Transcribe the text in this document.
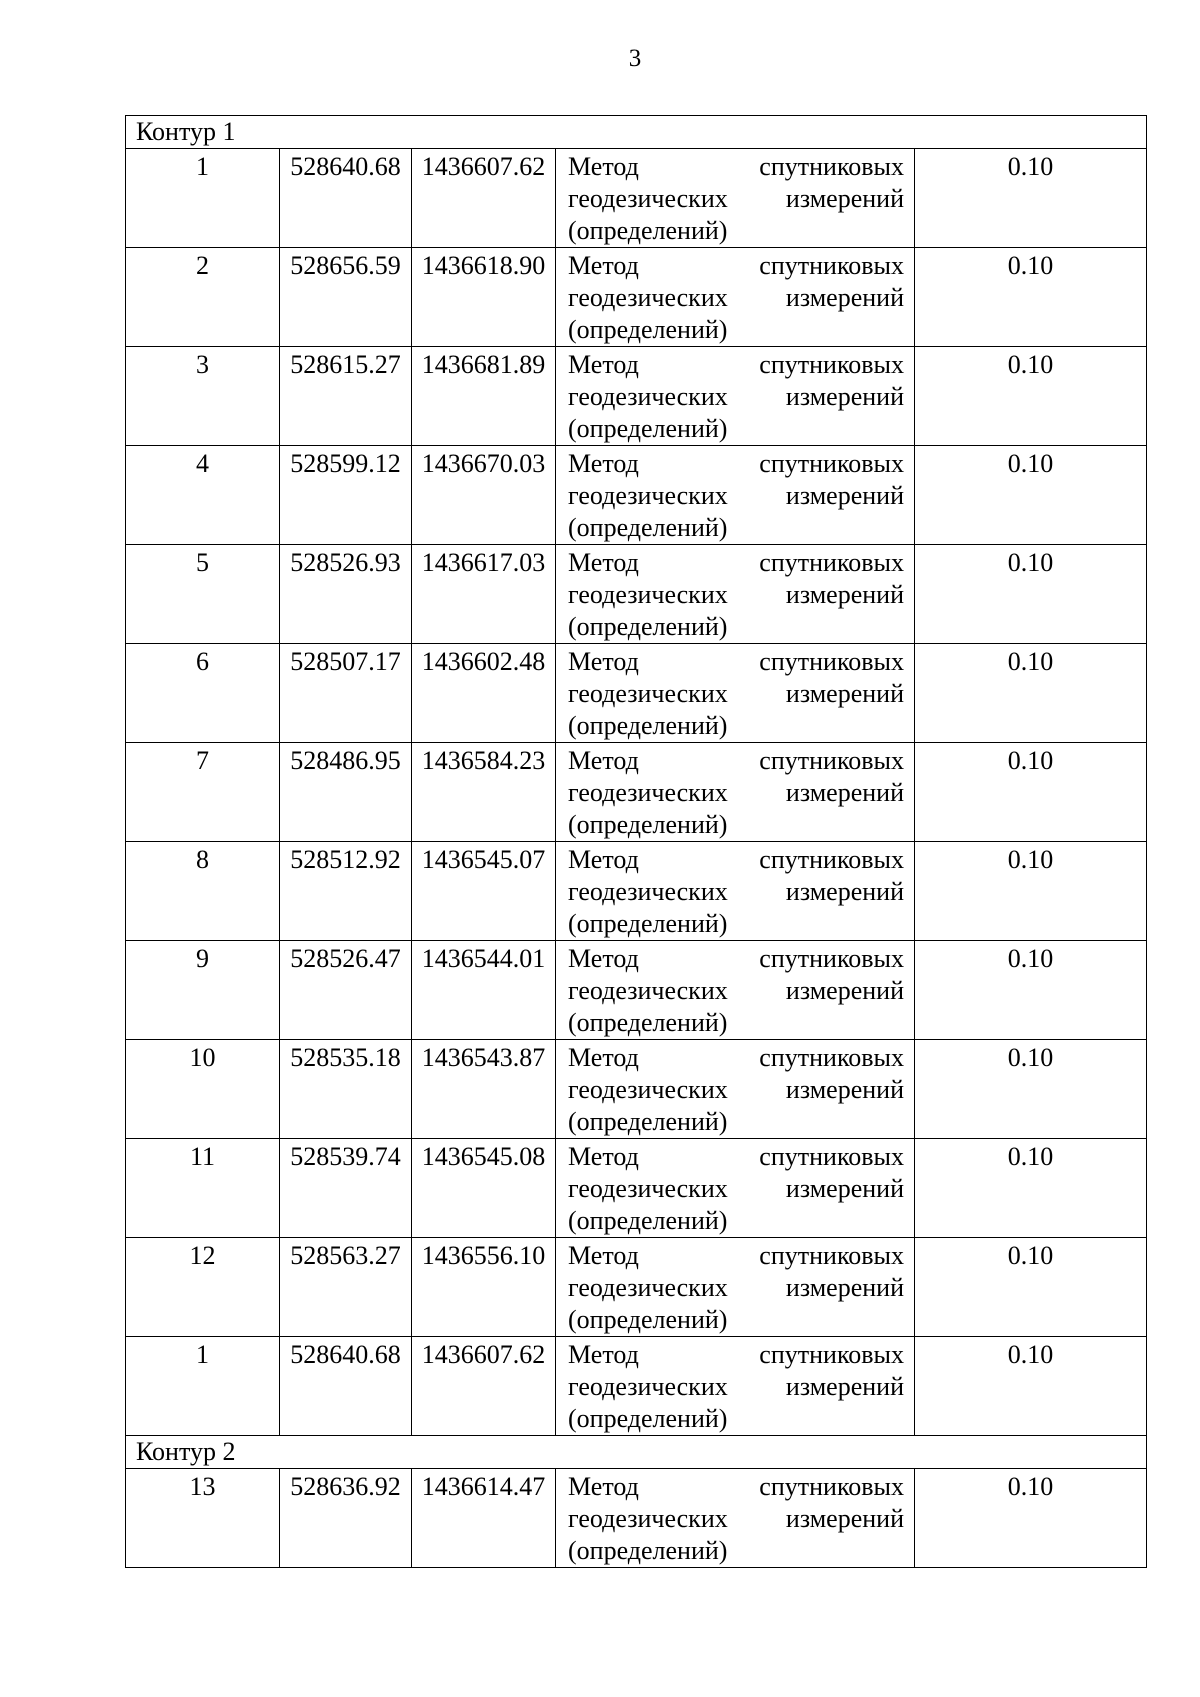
3
Контур 1				
1	528640.68	1436607.62	Метод спутниковых
геодезических измерений
(определений)	0.10
2	528656.59	1436618.90	Метод спутниковых
геодезических измерений
(определений)	0.10
3	528615.27	1436681.89	Метод спутниковых
геодезических измерений
(определений)	0.10
4	528599.12	1436670.03	Метод спутниковых
геодезических измерений
(определений)	0.10
5	528526.93	1436617.03	Метод спутниковых
геодезических измерений
(определений)	0.10
6	528507.17	1436602.48	Метод спутниковых
геодезических измерений
(определений)	0.10
7	528486.95	1436584.23	Метод спутниковых
геодезических измерений
(определений)	0.10
8	528512.92	1436545.07	Метод спутниковых
геодезических измерений
(определений)	0.10
9	528526.47	1436544.01	Метод спутниковых
геодезических измерений
(определений)	0.10
10	528535.18	1436543.87	Метод спутниковых
геодезических измерений
(определений)	0.10
11	528539.74	1436545.08	Метод спутниковых
геодезических измерений
(определений)	0.10
12	528563.27	1436556.10	Метод спутниковых
геодезических измерений
(определений)	0.10
1	528640.68	1436607.62	Метод спутниковых
геодезических измерений
(определений)	0.10
Контур 2				
13	528636.92	1436614.47	Метод спутниковых
геодезических измерений
(определений)	0.10
